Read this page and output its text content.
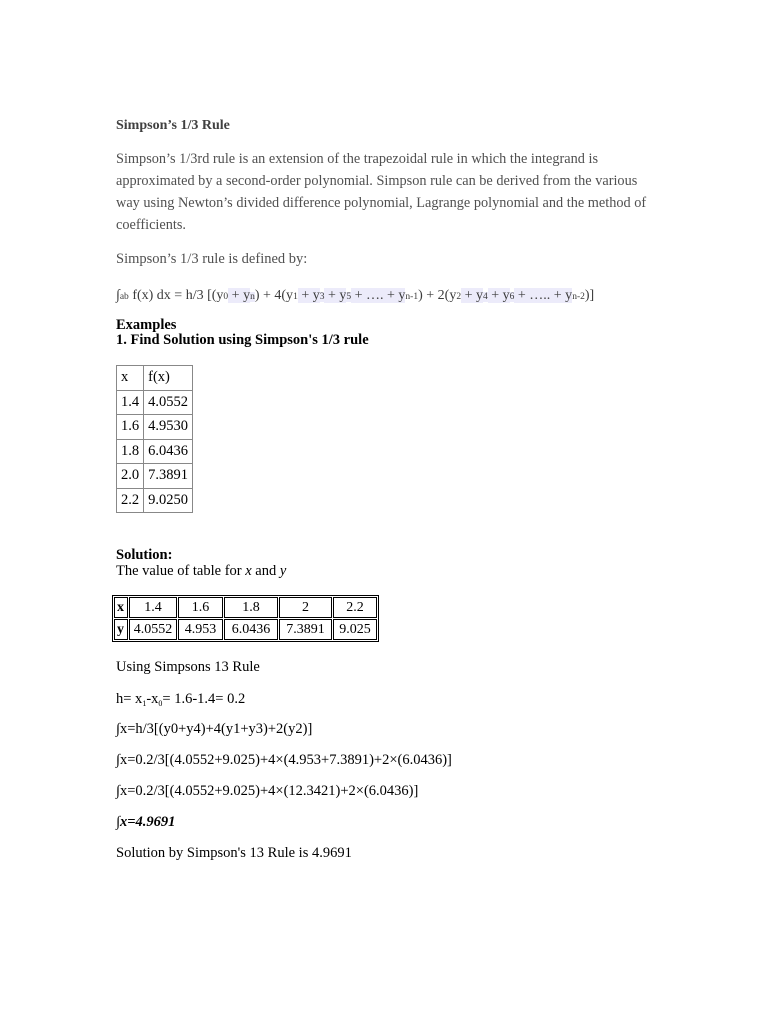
Simpson’s 1/3 Rule
Simpson’s 1/3rd rule is an extension of the trapezoidal rule in which the integrand is approximated by a second-order polynomial. Simpson rule can be derived from the various way using Newton’s divided difference polynomial, Lagrange polynomial and the method of coefficients.
Simpson’s 1/3 rule is defined by:
∫ab f(x) dx = h/3 [(y0 + yn) + 4(y1 + y3 + y5 + …. + yn-1) + 2(y2 + y4 + y6 + ….. + yn-2)]
Examples
1. Find Solution using Simpson's 1/3 rule
x	f(x)
1.4	4.0552
1.6	4.9530
1.8	6.0436
2.0	7.3891
2.2	9.0250
Solution:
The value of table for x and y
x	1.4	1.6	1.8	2	2.2
y	4.0552	4.953	6.0436	7.3891	9.025
Using Simpsons 13 Rule
$h= x_1-x_0= 1.6-1.4= 0.2$
∫x=h/3[(y0+y4)+4(y1+y3)+2(y2)]
∫x=0.2/3[(4.0552+9.025)+4×(4.953+7.3891)+2×(6.0436)]
∫x=0.2/3[(4.0552+9.025)+4×(12.3421)+2×(6.0436)]
∫x=4.9691
Solution by Simpson's 13 Rule is 4.9691
